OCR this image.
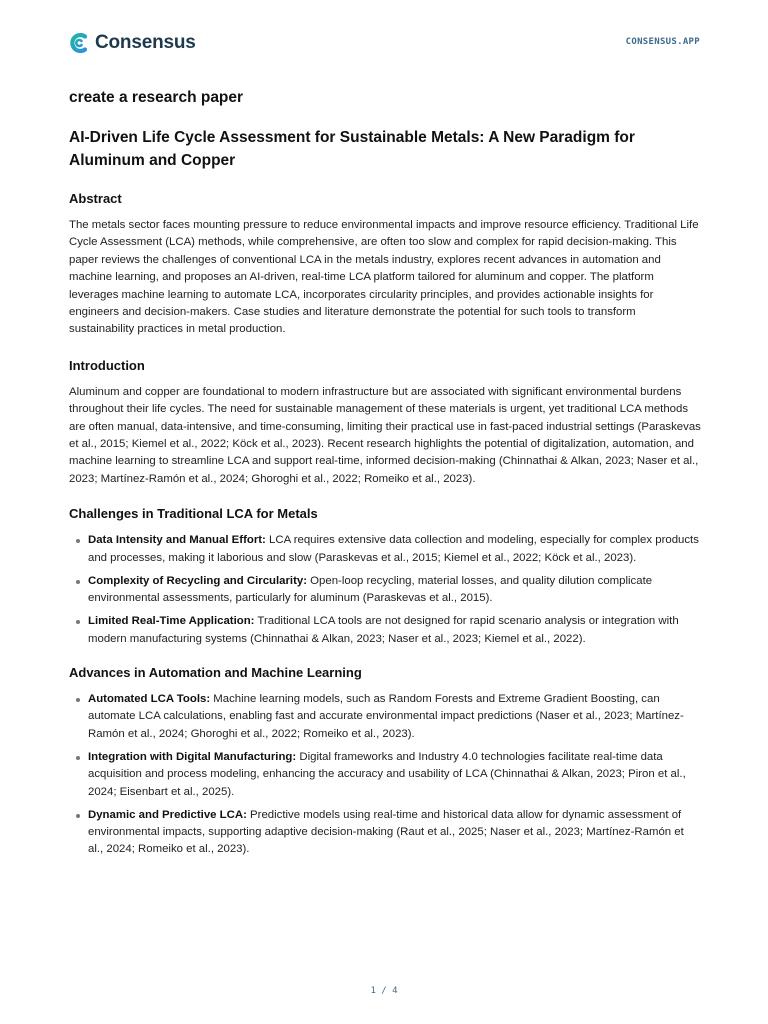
Consensus	CONSENSUS.APP
create a research paper
AI-Driven Life Cycle Assessment for Sustainable Metals: A New Paradigm for Aluminum and Copper
Abstract

The metals sector faces mounting pressure to reduce environmental impacts and improve resource efficiency. Traditional Life Cycle Assessment (LCA) methods, while comprehensive, are often too slow and complex for rapid decision-making. This paper reviews the challenges of conventional LCA in the metals industry, explores recent advances in automation and machine learning, and proposes an AI-driven, real-time LCA platform tailored for aluminum and copper. The platform leverages machine learning to automate LCA, incorporates circularity principles, and provides actionable insights for engineers and decision-makers. Case studies and literature demonstrate the potential for such tools to transform sustainability practices in metal production.

Introduction

Aluminum and copper are foundational to modern infrastructure but are associated with significant environmental burdens throughout their life cycles. The need for sustainable management of these materials is urgent, yet traditional LCA methods are often manual, data-intensive, and time-consuming, limiting their practical use in fast-paced industrial settings (Paraskevas et al., 2015; Kiemel et al., 2022; Köck et al., 2023). Recent research highlights the potential of digitalization, automation, and machine learning to streamline LCA and support real-time, informed decision-making (Chinnathai & Alkan, 2023; Naser et al., 2023; Martínez-Ramón et al., 2024; Ghoroghi et al., 2022; Romeiko et al., 2023).

Challenges in Traditional LCA for Metals
Data Intensity and Manual Effort: LCA requires extensive data collection and modeling, especially for complex products and processes, making it laborious and slow (Paraskevas et al., 2015; Kiemel et al., 2022; Köck et al., 2023).
Complexity of Recycling and Circularity: Open-loop recycling, material losses, and quality dilution complicate environmental assessments, particularly for aluminum (Paraskevas et al., 2015).
Limited Real-Time Application: Traditional LCA tools are not designed for rapid scenario analysis or integration with modern manufacturing systems (Chinnathai & Alkan, 2023; Naser et al., 2023; Kiemel et al., 2022).
Advances in Automation and Machine Learning
Automated LCA Tools: Machine learning models, such as Random Forests and Extreme Gradient Boosting, can automate LCA calculations, enabling fast and accurate environmental impact predictions (Naser et al., 2023; Martínez-Ramón et al., 2024; Ghoroghi et al., 2022; Romeiko et al., 2023).
Integration with Digital Manufacturing: Digital frameworks and Industry 4.0 technologies facilitate real-time data acquisition and process modeling, enhancing the accuracy and usability of LCA (Chinnathai & Alkan, 2023; Piron et al., 2024; Eisenbart et al., 2025).
Dynamic and Predictive LCA: Predictive models using real-time and historical data allow for dynamic assessment of environmental impacts, supporting adaptive decision-making (Raut et al., 2025; Naser et al., 2023; Martínez-Ramón et al., 2024; Romeiko et al., 2023).
1 / 4
